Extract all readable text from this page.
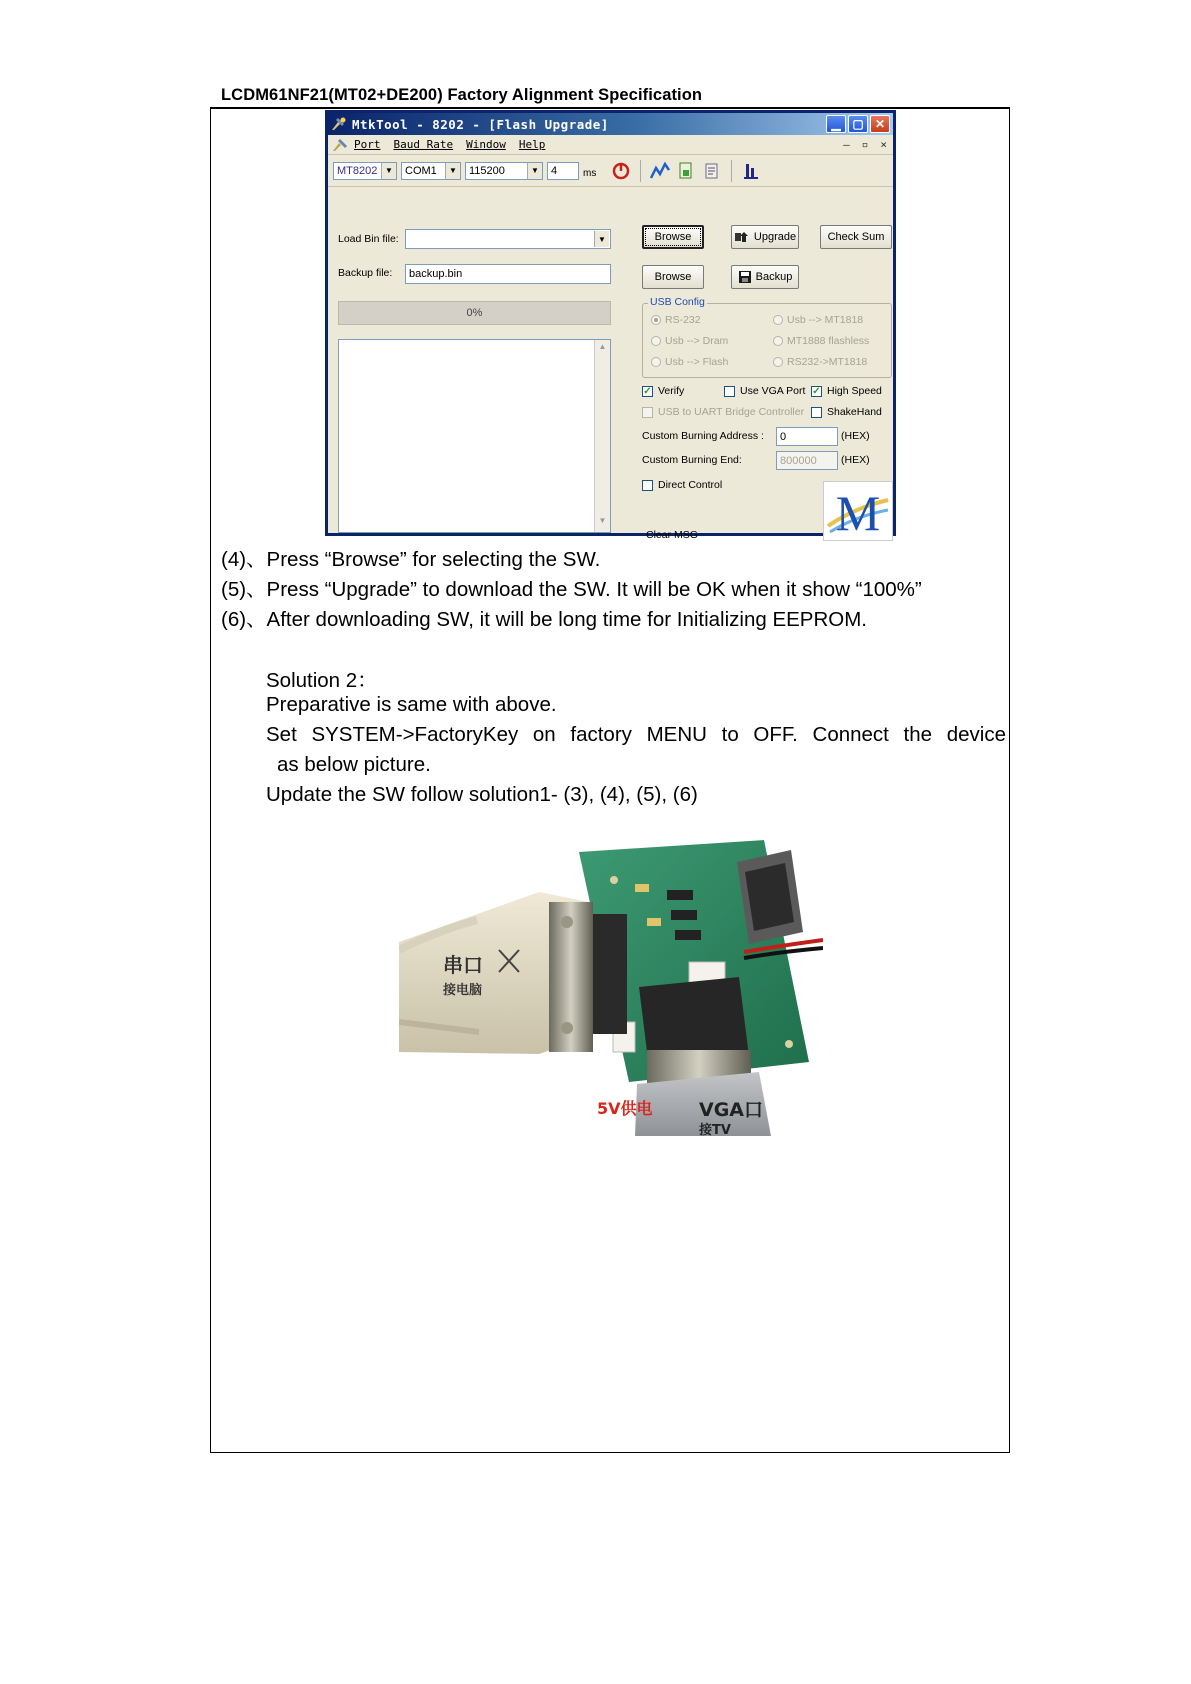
LCDM61NF21(MT02+DE200) Factory Alignment Specification
MtkTool - 8202 - [Flash Upgrade]	▁ ▢ ✕
Port Baud Rate Window Help	– ▫ ×
MT8202 ▼ COM1	▼ 115200	▼	4	ms
Load Bin file:	▼
Backup file:	backup.bin
Browse	Upgrade	Check Sum
Browse	Backup
0%
▲
▼
USB Config
RS-232	Usb --> MT1818
Usb --> Dram	MT1888 flashless
Usb --> Flash	RS232->MT1818
✓ Verify	Use VGA Port ✓ High Speed
USB to UART Bridge Controller ShakeHand
Custom Burning Address :	0	(HEX)
Custom Burning End:	800000	(HEX)
Direct Control
Clear MSG	M
(4)、Press “Browse” for selecting the SW.
(5)、Press “Upgrade” to download the SW. It will be OK when it show “100%”
(6)、After downloading SW, it will be long time for Initializing EEPROM.
Solution 2：
Preparative is same with above.
Set SYSTEM->FactoryKey on factory MENU to OFF. Connect the device
as below picture.
Update the SW follow solution1- (3), (4), (5), (6)
串口
接电脑
VGA口
接TV
5V供电
